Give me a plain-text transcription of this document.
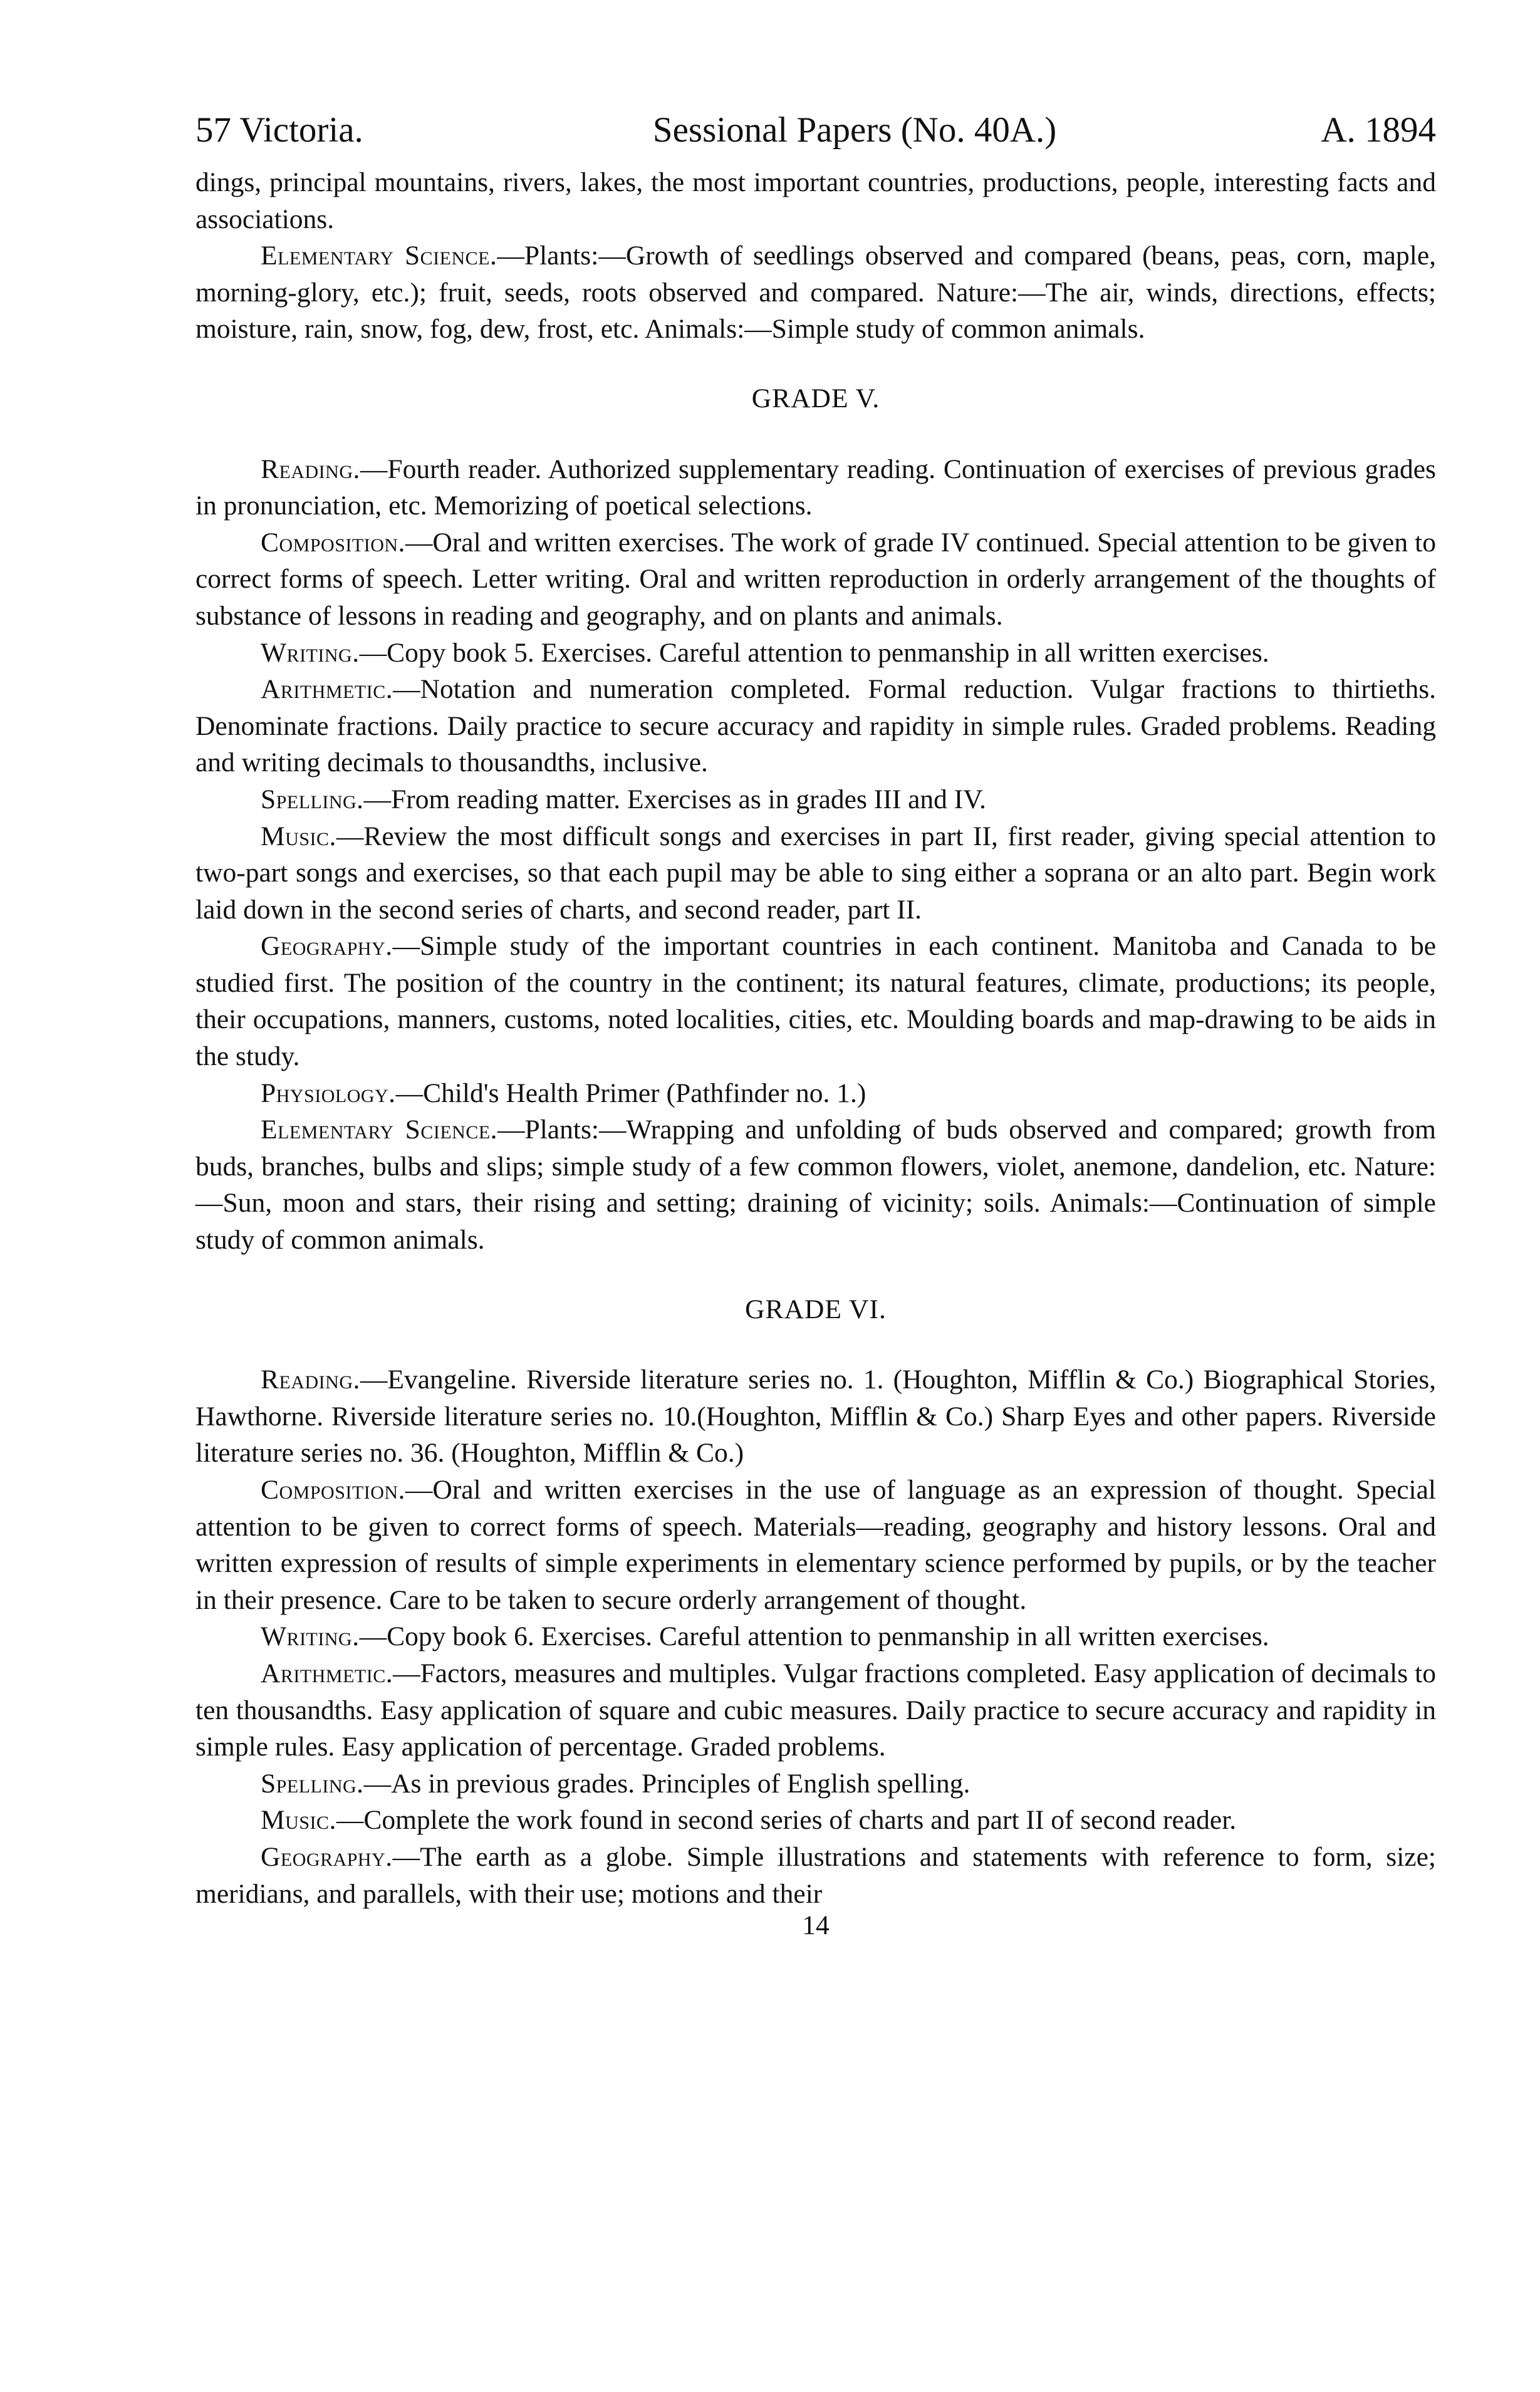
57 Victoria.	Sessional Papers (No. 40A.)	A. 1894

dings, principal mountains, rivers, lakes, the most important countries, productions, people, interesting facts and associations.

Elementary Science.—Plants:—Growth of seedlings observed and compared (beans, peas, corn, maple, morning-glory, etc.); fruit, seeds, roots observed and compared. Nature:—The air, winds, directions, effects; moisture, rain, snow, fog, dew, frost, etc. Animals:—Simple study of common animals.

GRADE V.

Reading.—Fourth reader. Authorized supplementary reading. Continuation of exercises of previous grades in pronunciation, etc. Memorizing of poetical selections.

Composition.—Oral and written exercises. The work of grade IV continued. Special attention to be given to correct forms of speech. Letter writing. Oral and written reproduction in orderly arrangement of the thoughts of substance of lessons in reading and geography, and on plants and animals.

Writing.—Copy book 5. Exercises. Careful attention to penmanship in all written exercises.

Arithmetic.—Notation and numeration completed. Formal reduction. Vulgar fractions to thirtieths. Denominate fractions. Daily practice to secure accuracy and rapidity in simple rules. Graded problems. Reading and writing decimals to thousandths, inclusive.

Spelling.—From reading matter. Exercises as in grades III and IV.

Music.—Review the most difficult songs and exercises in part II, first reader, giving special attention to two-part songs and exercises, so that each pupil may be able to sing either a soprana or an alto part. Begin work laid down in the second series of charts, and second reader, part II.

Geography.—Simple study of the important countries in each continent. Manitoba and Canada to be studied first. The position of the country in the continent; its natural features, climate, productions; its people, their occupations, manners, customs, noted localities, cities, etc. Moulding boards and map-drawing to be aids in the study.

Physiology.—Child's Health Primer (Pathfinder no. 1.)

Elementary Science.—Plants:—Wrapping and unfolding of buds observed and compared; growth from buds, branches, bulbs and slips; simple study of a few common flowers, violet, anemone, dandelion, etc. Nature:—Sun, moon and stars, their rising and setting; draining of vicinity; soils. Animals:—Continuation of simple study of common animals.

GRADE VI.

Reading.—Evangeline. Riverside literature series no. 1. (Houghton, Mifflin & Co.) Biographical Stories, Hawthorne. Riverside literature series no. 10.(Houghton, Mifflin & Co.) Sharp Eyes and other papers. Riverside literature series no. 36. (Houghton, Mifflin & Co.)

Composition.—Oral and written exercises in the use of language as an expression of thought. Special attention to be given to correct forms of speech. Materials—reading, geography and history lessons. Oral and written expression of results of simple experiments in elementary science performed by pupils, or by the teacher in their presence. Care to be taken to secure orderly arrangement of thought.

Writing.—Copy book 6. Exercises. Careful attention to penmanship in all written exercises.

Arithmetic.—Factors, measures and multiples. Vulgar fractions completed. Easy application of decimals to ten thousandths. Easy application of square and cubic measures. Daily practice to secure accuracy and rapidity in simple rules. Easy application of percentage. Graded problems.

Spelling.—As in previous grades. Principles of English spelling.

Music.—Complete the work found in second series of charts and part II of second reader.

Geography.—The earth as a globe. Simple illustrations and statements with reference to form, size; meridians, and parallels, with their use; motions and their

14
